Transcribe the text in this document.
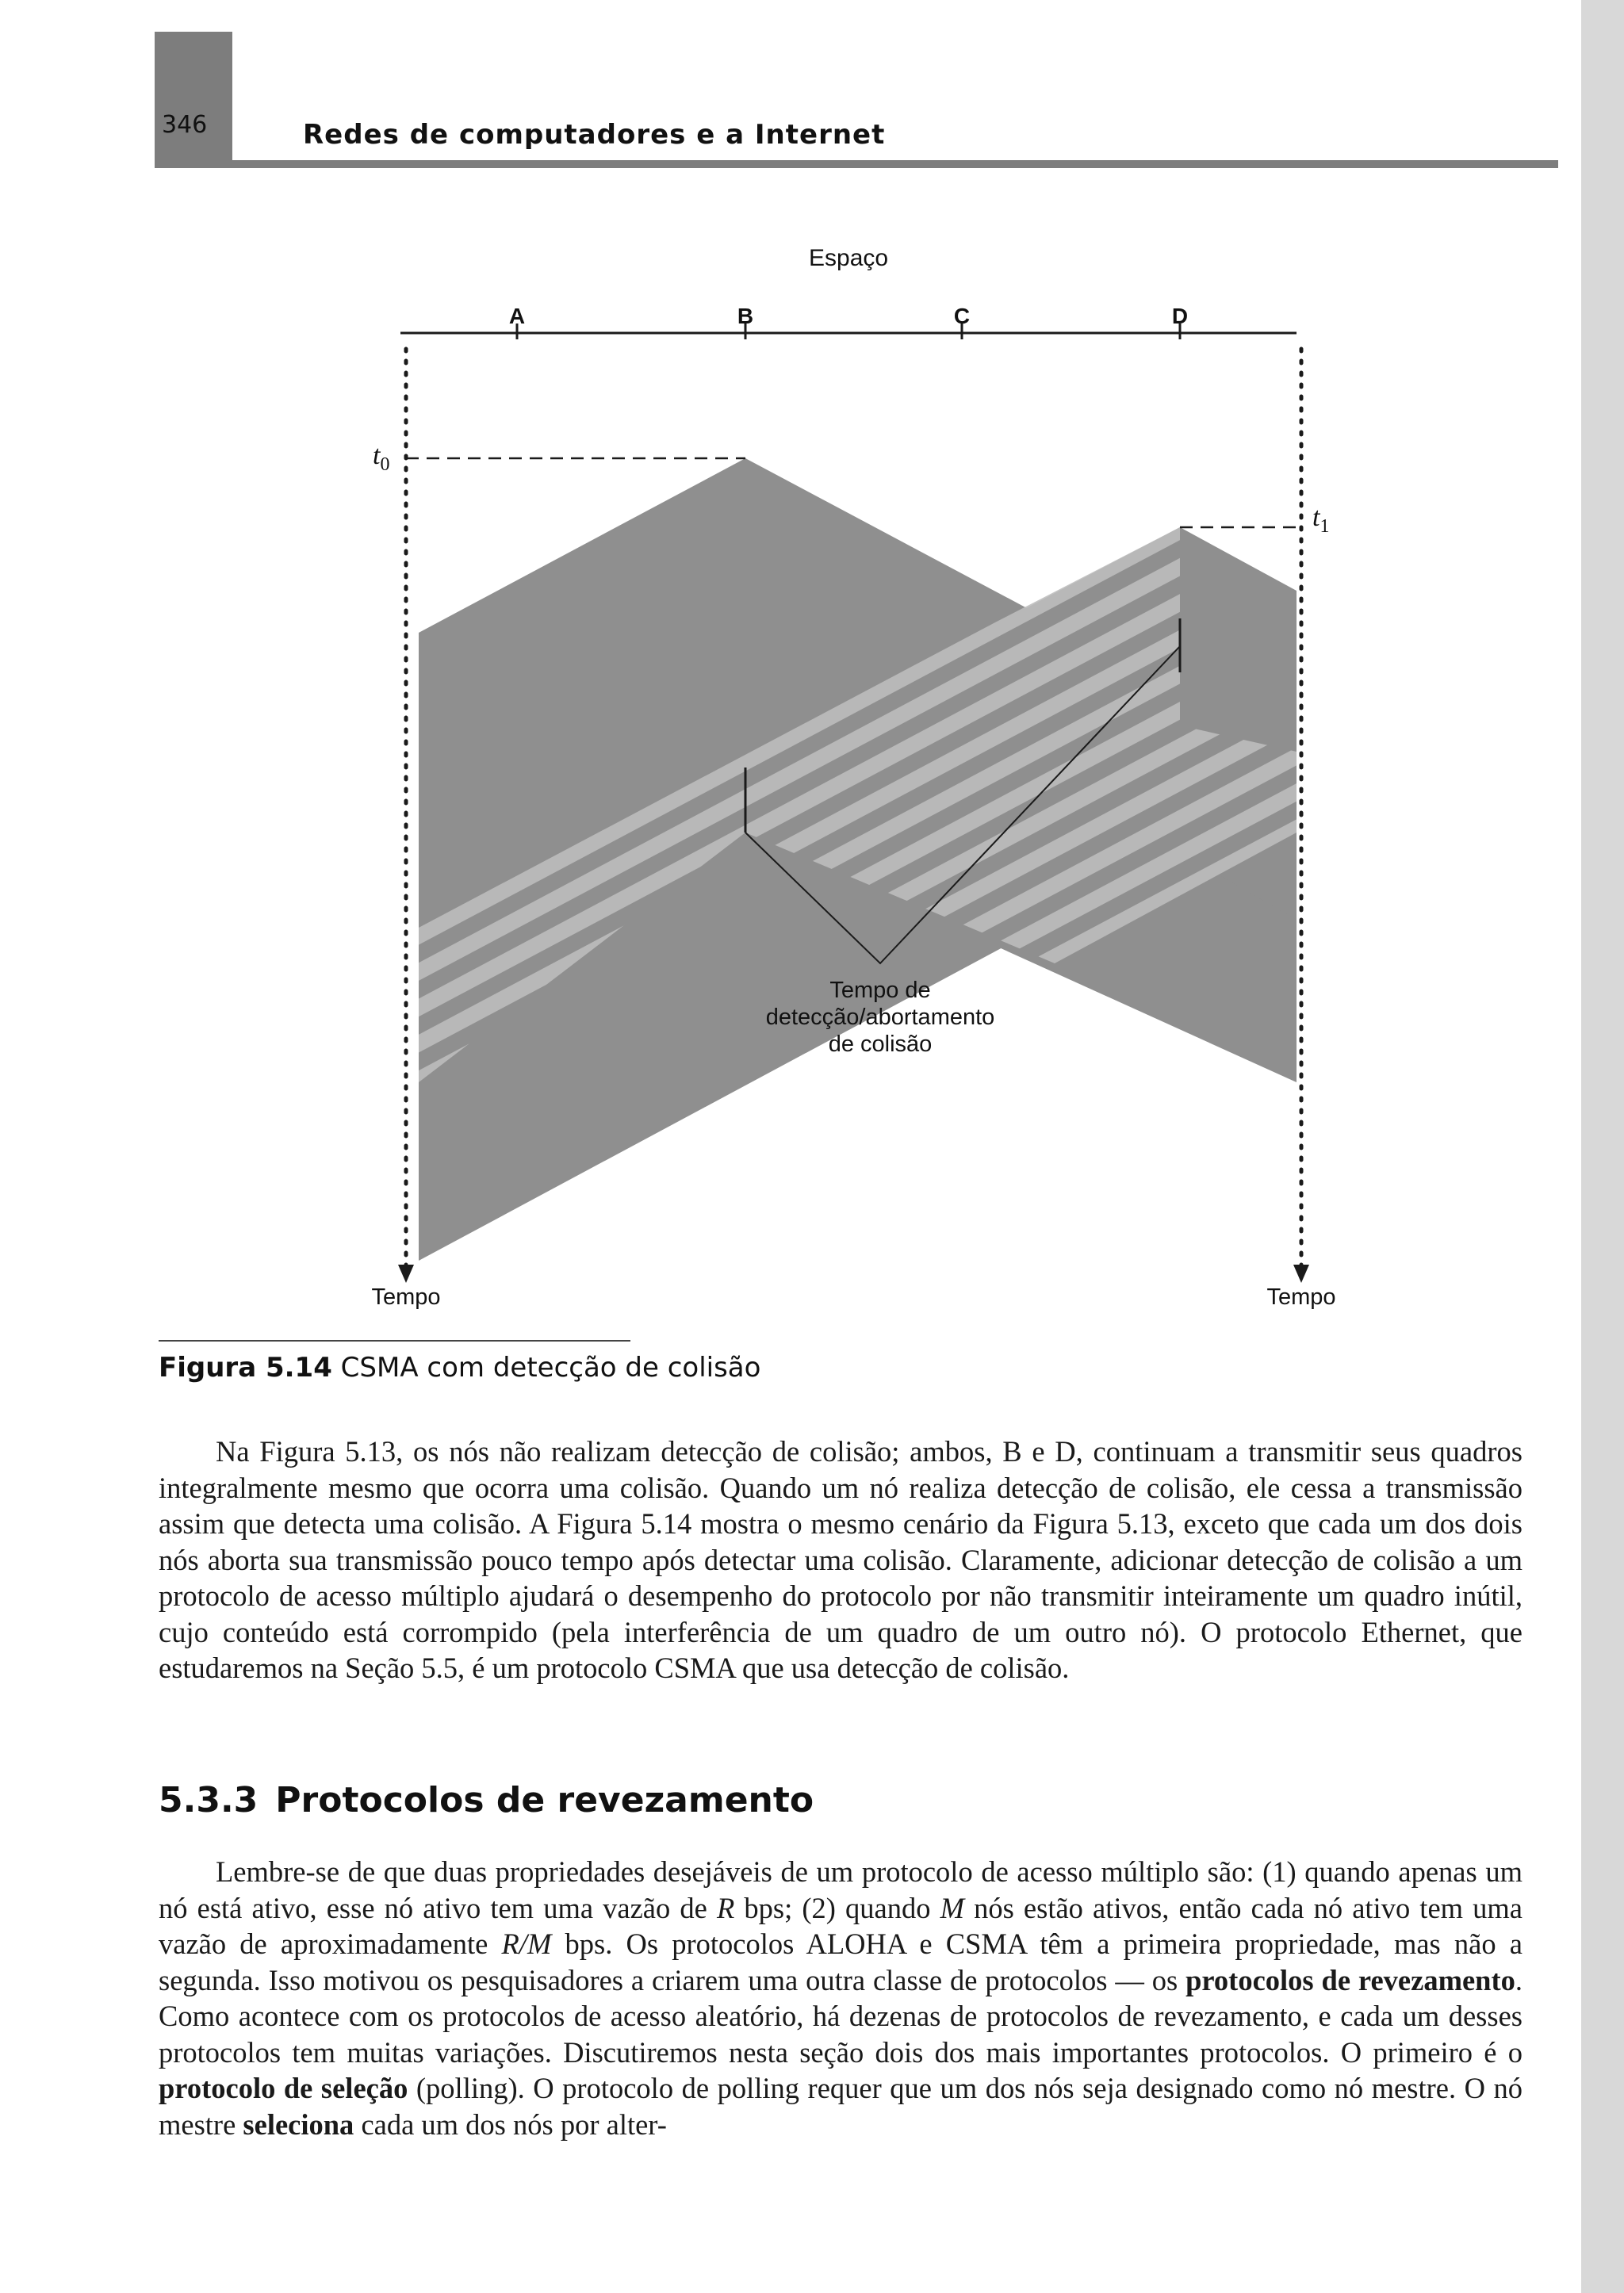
346	Redes de computadores e a Internet
Espaço
A	B	C	D
$t_0$
$t_1$
Tempo de
detecção/abortamento
de colisão
Tempo	Tempo
Figura 5.14 CSMA com detecção de colisão
Na Figura 5.13, os nós não realizam detecção de colisão; ambos, B e D, continuam a transmitir seus quadros integralmente mesmo que ocorra uma colisão. Quando um nó realiza detecção de colisão, ele cessa a transmissão assim que detecta uma colisão. A Figura 5.14 mostra o mesmo cenário da Figura 5.13, exceto que cada um dos dois nós aborta sua transmissão pouco tempo após detectar uma colisão. Claramente, adicionar detecção de colisão a um protocolo de acesso múltiplo ajudará o desempenho do protocolo por não transmitir inteiramente um quadro inútil, cujo conteúdo está corrompido (pela interferência de um quadro de um outro nó). O protocolo Ethernet, que estudaremos na Seção 5.5, é um protocolo CSMA que usa detecção de colisão.
5.3.3 Protocolos de revezamento
Lembre-se de que duas propriedades desejáveis de um protocolo de acesso múltiplo são: (1) quando apenas um nó está ativo, esse nó ativo tem uma vazão de R bps; (2) quando M nós estão ativos, então cada nó ativo tem uma vazão de aproximadamente R/M bps. Os protocolos ALOHA e CSMA têm a primeira propriedade, mas não a segunda. Isso motivou os pesquisadores a criarem uma outra classe de protocolos — os protocolos de revezamento. Como acontece com os protocolos de acesso aleatório, há dezenas de protocolos de revezamento, e cada um desses protocolos tem muitas variações. Discutiremos nesta seção dois dos mais importantes protocolos. O primeiro é o protocolo de seleção (polling). O protocolo de polling requer que um dos nós seja designado como nó mestre. O nó mestre seleciona cada um dos nós por alter-
